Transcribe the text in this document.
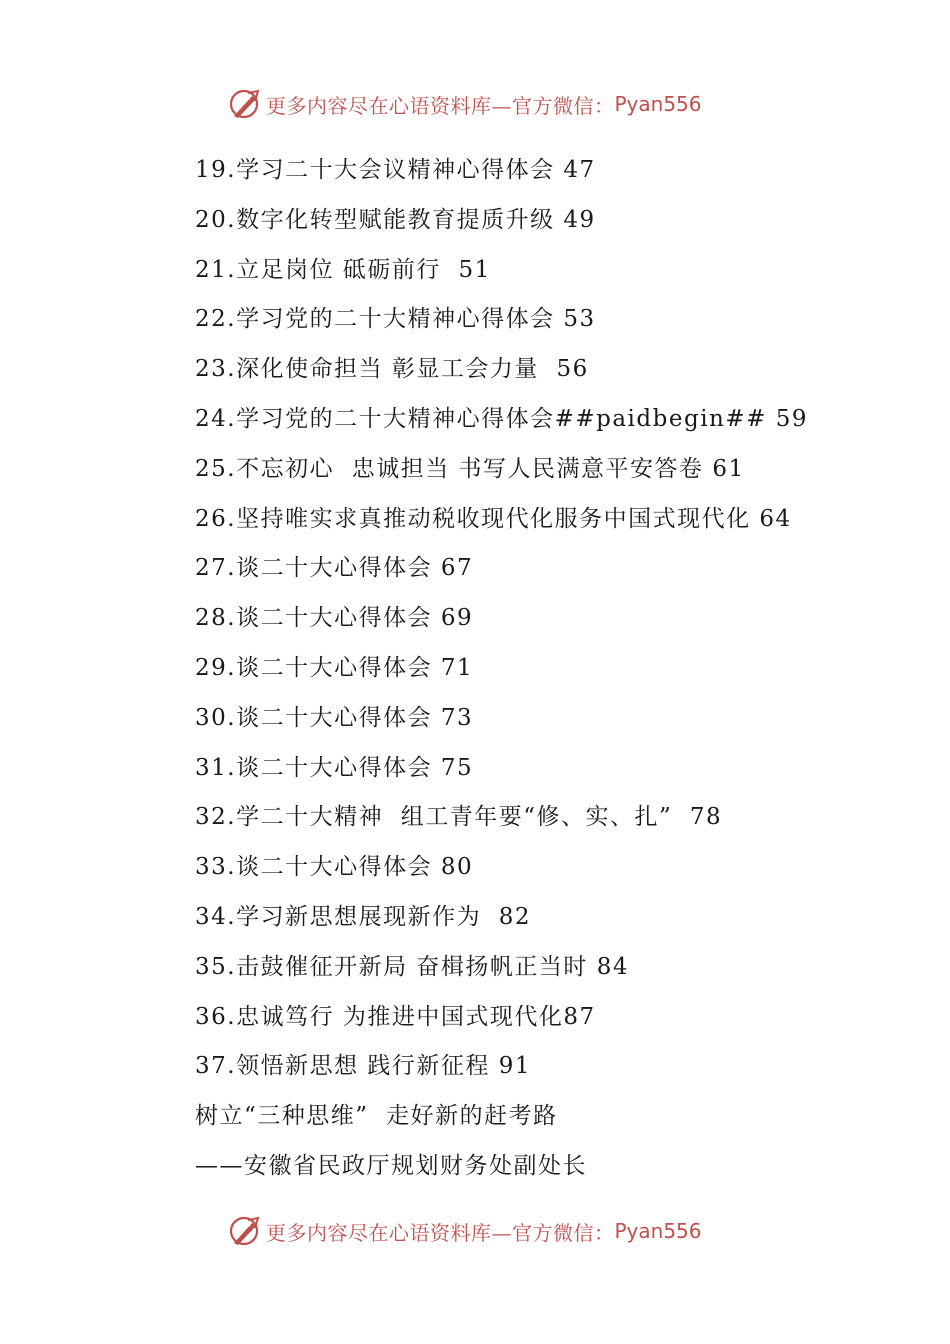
更多内容尽在心语资料库—官方微信： Pyan556
19.学习二十大会议精神心得体会 47
20.数字化转型赋能教育提质升级 49
21.立足岗位 砥砺前行  51
22.学习党的二十大精神心得体会 53
23.深化使命担当 彰显工会力量  56
24.学习党的二十大精神心得体会##paidbegin## 59
25.不忘初心  忠诚担当 书写人民满意平安答卷 61
26.坚持唯实求真推动税收现代化服务中国式现代化 64
27.谈二十大心得体会 67
28.谈二十大心得体会 69
29.谈二十大心得体会 71
30.谈二十大心得体会 73
31.谈二十大心得体会 75
32.学二十大精神  组工青年要“修、实、扎”  78
33.谈二十大心得体会 80
34.学习新思想展现新作为  82
35.击鼓催征开新局 奋楫扬帆正当时 84
36.忠诚笃行 为推进中国式现代化87
37.领悟新思想 践行新征程 91
树立“三种思维”  走好新的赶考路
——安徽省民政厅规划财务处副处长
更多内容尽在心语资料库—官方微信： Pyan556
